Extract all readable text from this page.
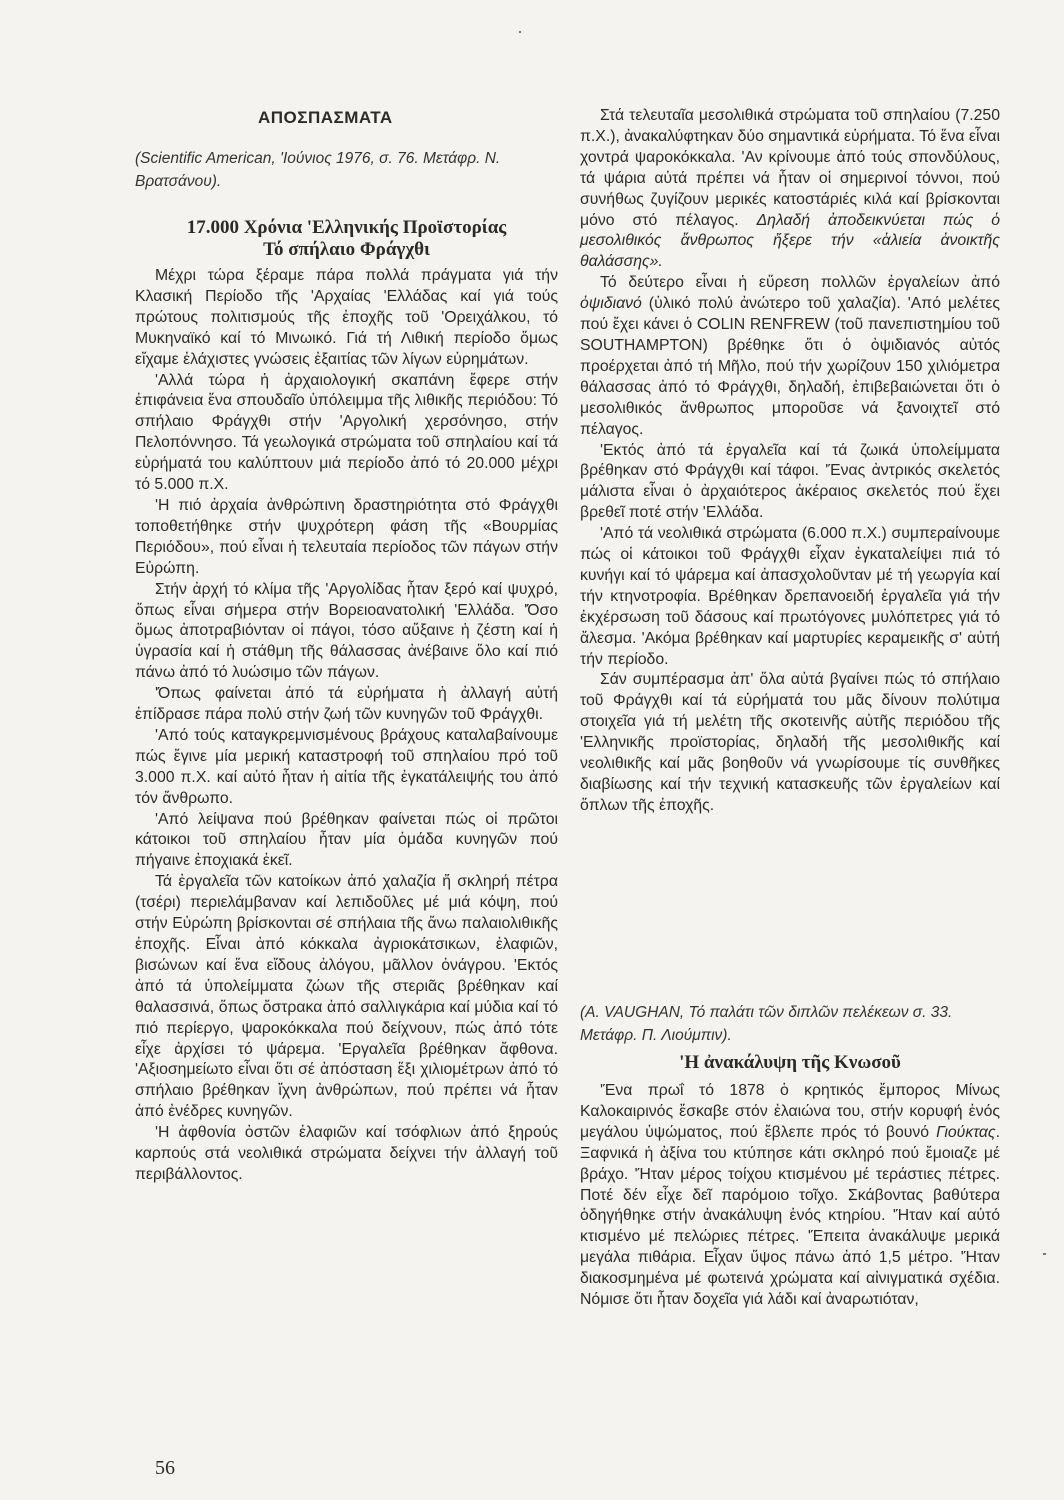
ΑΠΟΣΠΑΣΜΑΤΑ

(Scientific American, 'Ιούνιος 1976, σ. 76. Μετάφρ. Ν. Βρατσάνου).

17.000 Χρόνια 'Ελληνικής Προϊστορίας
Τό σπήλαιο Φράγχθι

Μέχρι τώρα ξέραμε πάρα πολλά πράγματα γιά τήν Κλασική Περίοδο τῆς 'Αρχαίας 'Ελλάδας καί γιά τούς πρώτους πολιτισμούς τῆς ἐποχῆς τοῦ 'Ορειχάλκου, τό Μυκηναϊκό καί τό Μινωικό. Γιά τή Λιθική περίοδο ὅμως εἴχαμε ἐλάχιστες γνώσεις ἐξαιτίας τῶν λίγων εὑρημάτων.

'Αλλά τώρα ἡ ἀρχαιολογική σκαπάνη ἔφερε στήν ἐπιφάνεια ἕνα σπουδαῖο ὑπόλειμμα τῆς λιθικῆς περιόδου: Τό σπήλαιο Φράγχθι στήν 'Αργολική χερσόνησο, στήν Πελοπόννησο. Τά γεωλογικά στρώματα τοῦ σπηλαίου καί τά εὑρήματά του καλύπτουν μιά περίοδο ἀπό τό 20.000 μέχρι τό 5.000 π.Χ.

'Η πιό ἀρχαία ἀνθρώπινη δραστηριότητα στό Φράγχθι τοποθετήθηκε στήν ψυχρότερη φάση τῆς «Βουρμίας Περιόδου», πού εἶναι ἡ τελευταία περίοδος τῶν πάγων στήν Εὐρώπη.

Στήν ἀρχή τό κλίμα τῆς 'Αργολίδας ἦταν ξερό καί ψυχρό, ὅπως εἶναι σήμερα στήν Βορειοανατολική 'Ελλάδα. 'Όσο ὅμως ἀποτραβιόνταν οἱ πάγοι, τόσο αὔξαινε ἡ ζέστη καί ἡ ὑγρασία καί ἡ στάθμη τῆς θάλασσας ἀνέβαινε ὅλο καί πιό πάνω ἀπό τό λυώσιμο τῶν πάγων.

'Όπως φαίνεται ἀπό τά εὑρήματα ἡ ἀλλαγή αὐτή ἐπίδρασε πάρα πολύ στήν ζωή τῶν κυνηγῶν τοῦ Φράγχθι.

'Από τούς καταγκρεμνισμένους βράχους καταλαβαίνουμε πώς ἔγινε μία μερική καταστροφή τοῦ σπηλαίου πρό τοῦ 3.000 π.Χ. καί αὐτό ἦταν ἡ αἰτία τῆς ἐγκατάλειψής του ἀπό τόν ἄνθρωπο.

'Από λείψανα πού βρέθηκαν φαίνεται πώς οἱ πρῶτοι κάτοικοι τοῦ σπηλαίου ἦταν μία ὁμάδα κυνηγῶν πού πήγαινε ἐποχιακά ἐκεῖ.

Τά ἐργαλεῖα τῶν κατοίκων ἀπό χαλαζία ἤ σκληρή πέτρα (τσέρι) περιελάμβαναν καί λεπιδοῦλες μέ μιά κόψη, πού στήν Εὐρώπη βρίσκονται σέ σπήλαια τῆς ἄνω παλαιολιθικῆς ἐποχῆς. Εἶναι ἀπό κόκκαλα ἀγριοκάτσικων, ἐλαφιῶν, βισώνων καί ἕνα εἴδους ἀλόγου, μᾶλλον ὀνάγρου. 'Εκτός ἀπό τά ὑπολείμματα ζώων τῆς στεριᾶς βρέθηκαν καί θαλασσινά, ὅπως ὄστρακα ἀπό σαλλιγκάρια καί μύδια καί τό πιό περίεργο, ψαροκόκκαλα πού δείχνουν, πώς ἀπό τότε εἶχε ἀρχίσει τό ψάρεμα. 'Εργαλεῖα βρέθηκαν ἄφθονα. 'Αξιοσημείωτο εἶναι ὅτι σέ ἀπόσταση ἕξι χιλιομέτρων ἀπό τό σπήλαιο βρέθηκαν ἴχνη ἀνθρώπων, πού πρέπει νά ἦταν ἀπό ἐνέδρες κυνηγῶν.

'Η ἀφθονία ὀστῶν ἐλαφιῶν καί τσόφλιων ἀπό ξηρούς καρπούς στά νεολιθικά στρώματα δείχνει τήν ἀλλαγή τοῦ περιβάλλοντος.

Στά τελευταῖα μεσολιθικά στρώματα τοῦ σπηλαίου (7.250 π.Χ.), ἀνακαλύφτηκαν δύο σημαντικά εὑρήματα. Τό ἕνα εἶναι χοντρά ψαροκόκκαλα. 'Αν κρίνουμε ἀπό τούς σπονδύλους, τά ψάρια αὐτά πρέπει νά ἦταν οἱ σημερινοί τόννοι, πού συνήθως ζυγίζουν μερικές κατοστάριές κιλά καί βρίσκονται μόνο στό πέλαγος. Δηλαδή ἀποδεικνύεται πώς ὁ μεσολιθικός ἄνθρωπος ἤξερε τήν «ἁλιεία ἀνοικτῆς θαλάσσης».

Τό δεύτερο εἶναι ἡ εὕρεση πολλῶν ἐργαλείων ἀπό ὀψιδιανό (ὑλικό πολύ ἀνώτερο τοῦ χαλαζία). 'Από μελέτες πού ἔχει κάνει ὁ COLIN RENFREW (τοῦ πανεπιστημίου τοῦ SOUTHAMPTON) βρέθηκε ὅτι ὁ ὀψιδιανός αὐτός προέρχεται ἀπό τή Μῆλο, πού τήν χωρίζουν 150 χιλιόμετρα θάλασσας ἀπό τό Φράγχθι, δηλαδή, ἐπιβεβαιώνεται ὅτι ὁ μεσολιθικός ἄνθρωπος μποροῦσε νά ξανοιχτεῖ στό πέλαγος.

'Εκτός ἀπό τά ἐργαλεῖα καί τά ζωικά ὑπολείμματα βρέθηκαν στό Φράγχθι καί τάφοι. 'Ένας ἀντρικός σκελετός μάλιστα εἶναι ὁ ἀρχαιότερος ἀκέραιος σκελετός πού ἔχει βρεθεῖ ποτέ στήν 'Ελλάδα.

'Από τά νεολιθικά στρώματα (6.000 π.Χ.) συμπεραίνουμε πώς οἱ κάτοικοι τοῦ Φράγχθι εἶχαν ἐγκαταλείψει πιά τό κυνήγι καί τό ψάρεμα καί ἀπασχολοῦνταν μέ τή γεωργία καί τήν κτηνοτροφία. Βρέθηκαν δρεπανοειδή ἐργαλεῖα γιά τήν ἐκχέρσωση τοῦ δάσους καί πρωτόγονες μυλόπετρες γιά τό ἄλεσμα. 'Ακόμα βρέθηκαν καί μαρτυρίες κεραμεικῆς σ' αὐτή τήν περίοδο.

Σάν συμπέρασμα ἀπ' ὅλα αὐτά βγαίνει πώς τό σπήλαιο τοῦ Φράγχθι καί τά εὑρήματά του μᾶς δίνουν πολύτιμα στοιχεῖα γιά τή μελέτη τῆς σκοτεινῆς αὐτῆς περιόδου τῆς 'Ελληνικῆς προϊστορίας, δηλαδή τῆς μεσολιθικῆς καί νεολιθικῆς καί μᾶς βοηθοῦν νά γνωρίσουμε τίς συνθῆκες διαβίωσης καί τήν τεχνική κατασκευῆς τῶν ἐργαλείων καί ὅπλων τῆς ἐποχῆς.

(A. VAUGHAN, Τό παλάτι τῶν διπλῶν πελέκεων σ. 33. Μετάφρ. Π. Λιούμπιν).

'Η ἀνακάλυψη τῆς Κνωσοῦ

'Ένα πρωΐ τό 1878 ὁ κρητικός ἔμπορος Μίνως Καλοκαιρινός ἔσκαβε στόν ἐλαιώνα του, στήν κορυφή ἑνός μεγάλου ὑψώματος, πού ἔβλεπε πρός τό βουνό Γιούκτας. Ξαφνικά ἡ ἀξίνα του κτύπησε κάτι σκληρό πού ἔμοιαζε μέ βράχο. 'Ήταν μέρος τοίχου κτισμένου μέ τεράστιες πέτρες. Ποτέ δέν εἶχε δεῖ παρόμοιο τοῖχο. Σκάβοντας βαθύτερα ὁδηγήθηκε στήν ἀνακάλυψη ἑνός κτηρίου. 'Ήταν καί αὐτό κτισμένο μέ πελώριες πέτρες. 'Έπειτα ἀνακάλυψε μερικά μεγάλα πιθάρια. Εἶχαν ὕψος πάνω ἀπό 1,5 μέτρο. 'Ήταν διακοσμημένα μέ φωτεινά χρώματα καί αἰνιγματικά σχέδια. Νόμισε ὅτι ἦταν δοχεῖα γιά λάδι καί ἀναρωτιόταν,

56
